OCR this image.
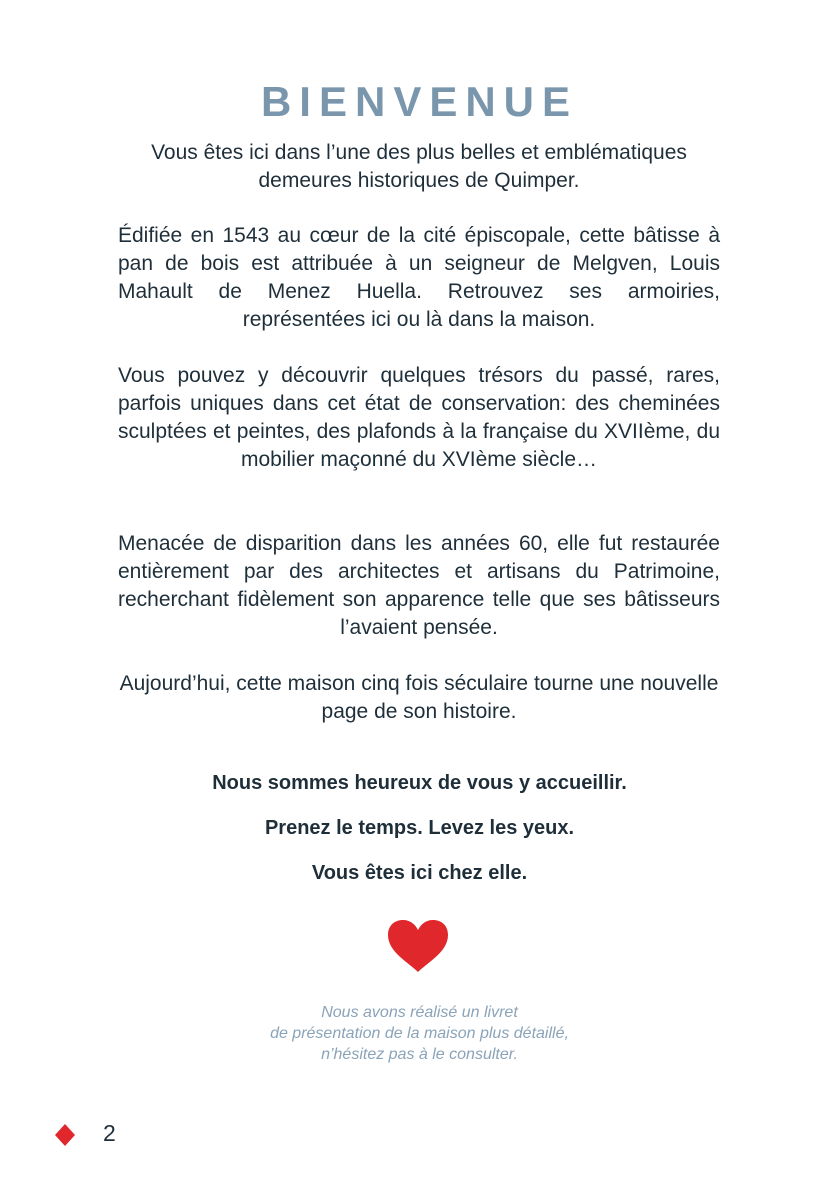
BIENVENUE

Vous êtes ici dans l’une des plus belles et emblématiques demeures historiques de Quimper.

Édifiée en 1543 au cœur de la cité épiscopale, cette bâtisse à pan de bois est attribuée à un seigneur de Melgven, Louis Mahault de Menez Huella. Retrouvez ses armoiries, représentées ici ou là dans la maison.

Vous pouvez y découvrir quelques trésors du passé, rares, parfois uniques dans cet état de conservation: des cheminées sculptées et peintes, des plafonds à la française du XVIIème, du mobilier maçonné du XVIème siècle…

Menacée de disparition dans les années 60, elle fut restaurée entièrement par des architectes et artisans du Patrimoine, recherchant fidèlement son apparence telle que ses bâtisseurs l’avaient pensée.

Aujourd’hui, cette maison cinq fois séculaire tourne une nouvelle page de son histoire.

Nous sommes heureux de vous y accueillir.

Prenez le temps. Levez les yeux.

Vous êtes ici chez elle.

Nous avons réalisé un livret
de présentation de la maison plus détaillé,
n’hésitez pas à le consulter.

2
